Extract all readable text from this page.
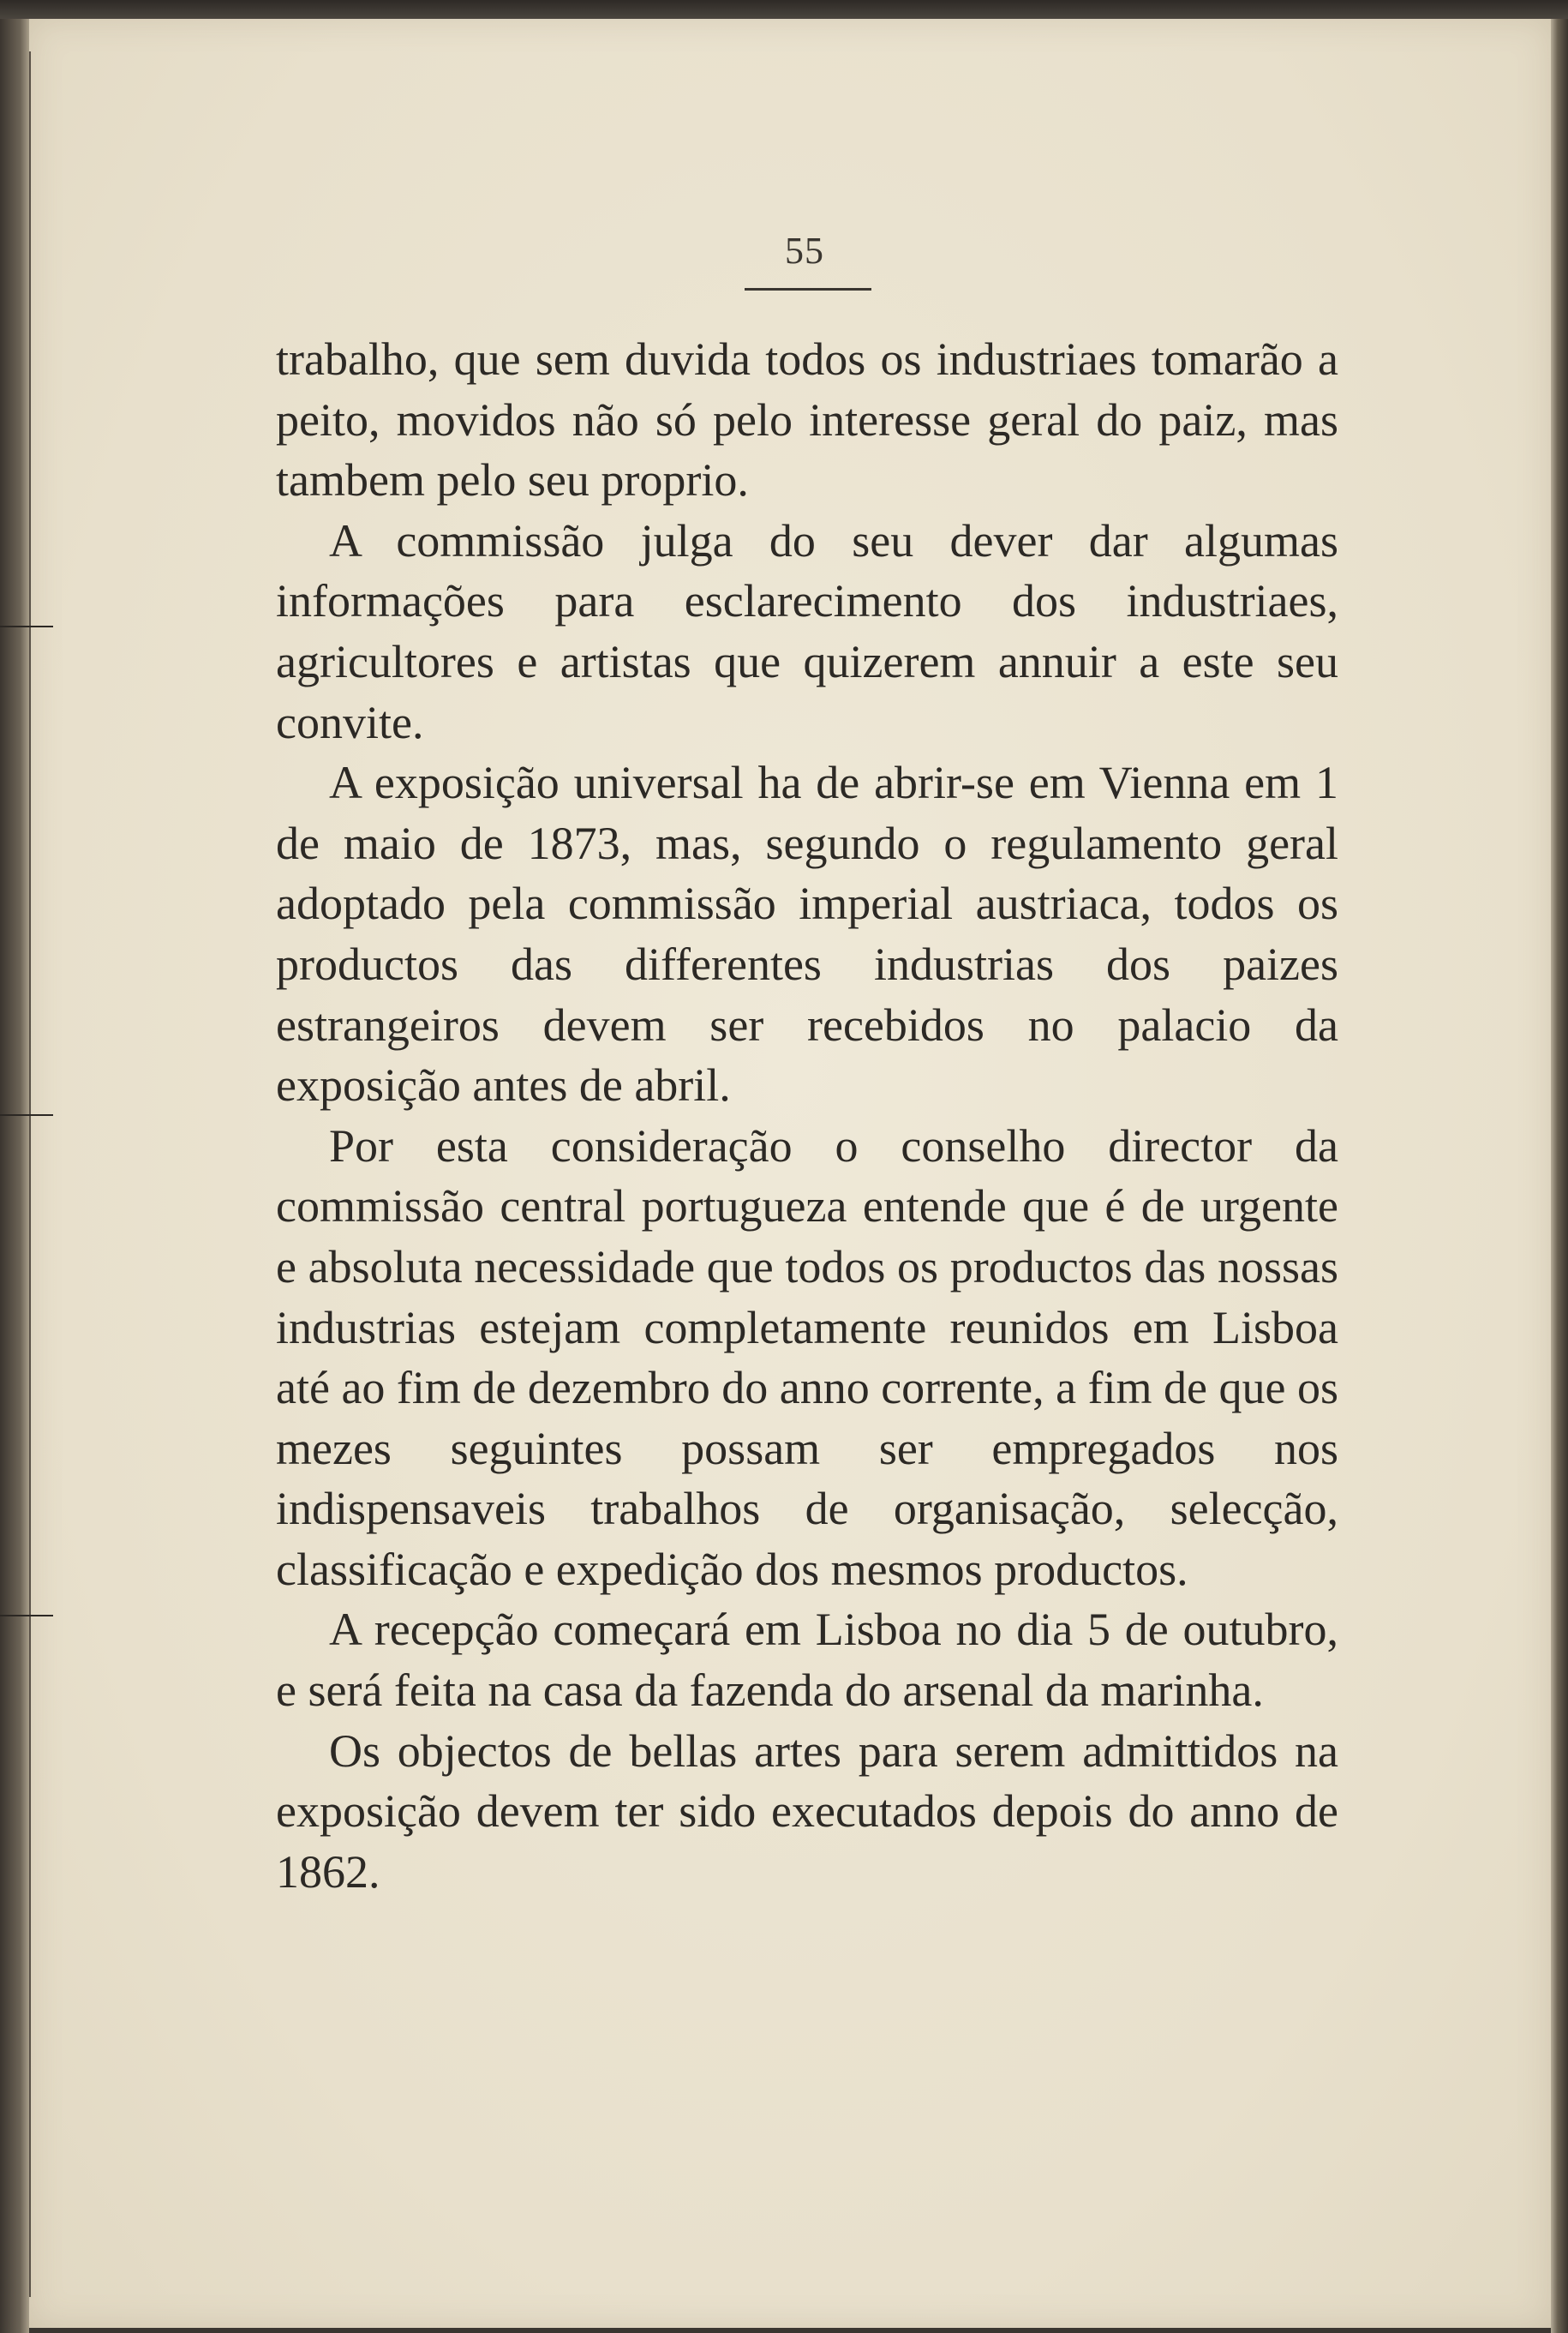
55

trabalho, que sem duvida todos os industriaes tomarão a peito, movidos não só pelo interesse geral do paiz, mas tambem pelo seu proprio.

A commissão julga do seu dever dar algumas informações para esclarecimento dos industriaes, agricultores e artistas que quizerem annuir a este seu convite.

A exposição universal ha de abrir-se em Vienna em 1 de maio de 1873, mas, segundo o regulamento geral adoptado pela commissão imperial austriaca, todos os productos das differentes industrias dos paizes estrangeiros devem ser recebidos no palacio da exposição antes de abril.

Por esta consideração o conselho director da commissão central portugueza entende que é de urgente e absoluta necessidade que todos os productos das nossas industrias estejam completamente reunidos em Lisboa até ao fim de dezembro do anno corrente, a fim de que os mezes seguintes possam ser empregados nos indispensaveis trabalhos de organisação, selecção, classificação e expedição dos mesmos productos.

A recepção começará em Lisboa no dia 5 de outubro, e será feita na casa da fazenda do arsenal da marinha.

Os objectos de bellas artes para serem admittidos na exposição devem ter sido executados depois do anno de 1862.
